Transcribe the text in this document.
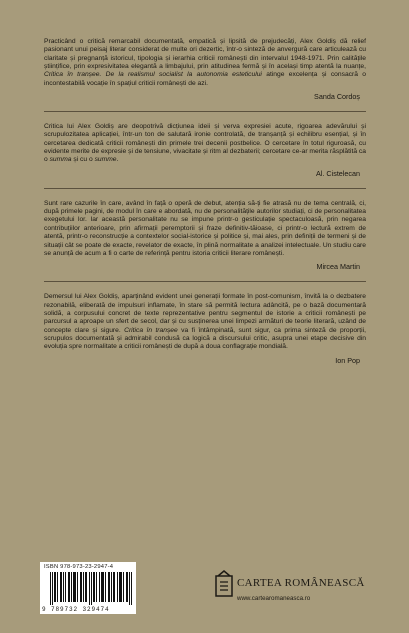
Practicând o critică remarcabil documentată, empatică și lipsită de prejudecăți, Alex Goldiș dă relief pasionant unui peisaj literar considerat de multe ori dezertic, într-o sinteză de anvergură care articulează cu claritate și pregnanță istoricul, tipologia și ierarhia criticii românești din intervalul 1948-1971. Prin calitățile științifice, prin expresivitatea elegantă a limbajului, prin atitudinea fermă și în același timp atentă la nuanțe, Critica în tranșee. De la realismul socialist la autonomia esteticului atinge excelența și consacră o incontestabilă vocație în spațiul criticii românești de azi.

Sanda Cordoș

Critica lui Alex Goldiș are deopotrivă dicțiunea ideii și verva expresiei acute, rigoarea adevărului și scrupulozitatea aplicației, într-un ton de salutară ironie controlată, de tranșanță și echilibru esențial, și în cercetarea dedicată criticii românești din primele trei decenii postbelice. O cercetare în totul riguroasă, cu evidente merite de expresie și de tensiune, vivacitate și ritm al dezbaterii; cercetare ce-ar merita răsplătită ca o summa și cu o summe.

Al. Cistelecan

Sunt rare cazurile în care, având în față o operă de debut, atenția să-ți fie atrasă nu de tema centrală, ci, după primele pagini, de modul în care e abordată, nu de personalitățile autorilor studiați, ci de personalitatea exegetului lor. Iar această personalitate nu se impune printr-o gesticulație spectaculoasă, prin negarea contribuțiilor anterioare, prin afirmații peremptorii și fraze definitiv-tăioase, ci printr-o lectură extrem de atentă, printr-o reconstrucție a contextelor social-istorice și politice și, mai ales, prin definiții de termeni și de situații cât se poate de exacte, revelator de exacte, în plină normalitate a analizei intelectuale. Un studiu care se anunță de acum a fi o carte de referință pentru istoria criticii literare românești.

Mircea Martin

Demersul lui Alex Goldiș, aparținând evident unei generații formate în post-comunism, învită la o dezbatere rezonabilă, eliberată de impulsuri inflamate, în stare să permită lectura adâncită, pe o bază documentară solidă, a corpusului concret de texte reprezentative pentru segmentul de istorie a criticii românești pe parcursul a aproape un sfert de secol, dar și cu susținerea unei limpezi armături de teorie literară, uzând de concepte clare și sigure. Critica în tranșee va fi întâmpinată, sunt sigur, ca prima sinteză de proporții, scrupulos documentată și admirabil condusă ca logică a discursului critic, asupra unei etape decisive din evoluția spre normalitate a criticii românești de după a doua conflagrație mondială.

Ion Pop
ISBN 978-973-23-2947-4
9 789732 329474
CARTEA ROMÂNEASCĂ
www.cartearomaneasca.ro
